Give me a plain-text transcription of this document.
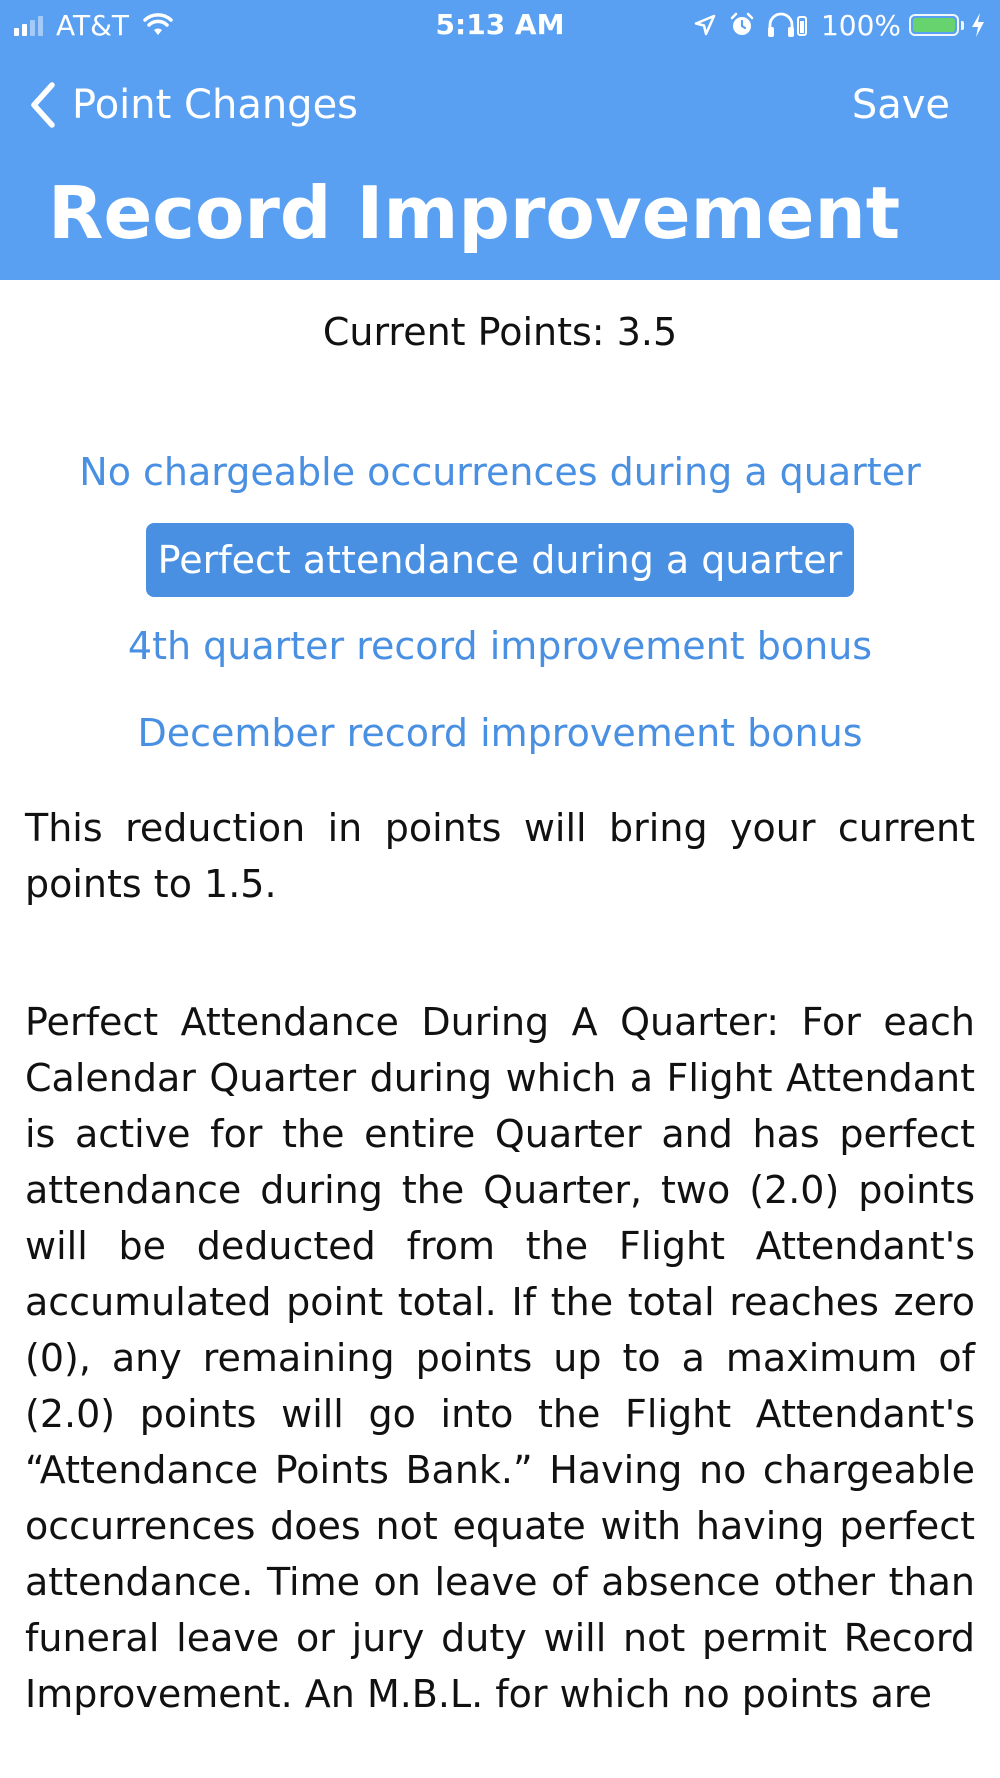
AT&T	5:13 AM	100%
Point Changes	Save
Record Improvement
Current Points: 3.5
No chargeable occurrences during a quarter
Perfect attendance during a quarter
4th quarter record improvement bonus
December record improvement bonus
This reduction in points will bring your current points to 1.5.
Perfect Attendance During A Quarter: For each Calendar Quarter during which a Flight Attendant is active for the entire Quarter and has perfect attendance during the Quarter, two (2.0) points will be deducted from the Flight Attendant's accumulated point total. If the total reaches zero (0), any remaining points up to a maximum of (2.0) points will go into the Flight Attendant's “Attendance Points Bank.” Having no chargeable occurrences does not equate with having perfect attendance. Time on leave of absence other than funeral leave or jury duty will not permit Record Improvement. An M.B.L. for which no points are
